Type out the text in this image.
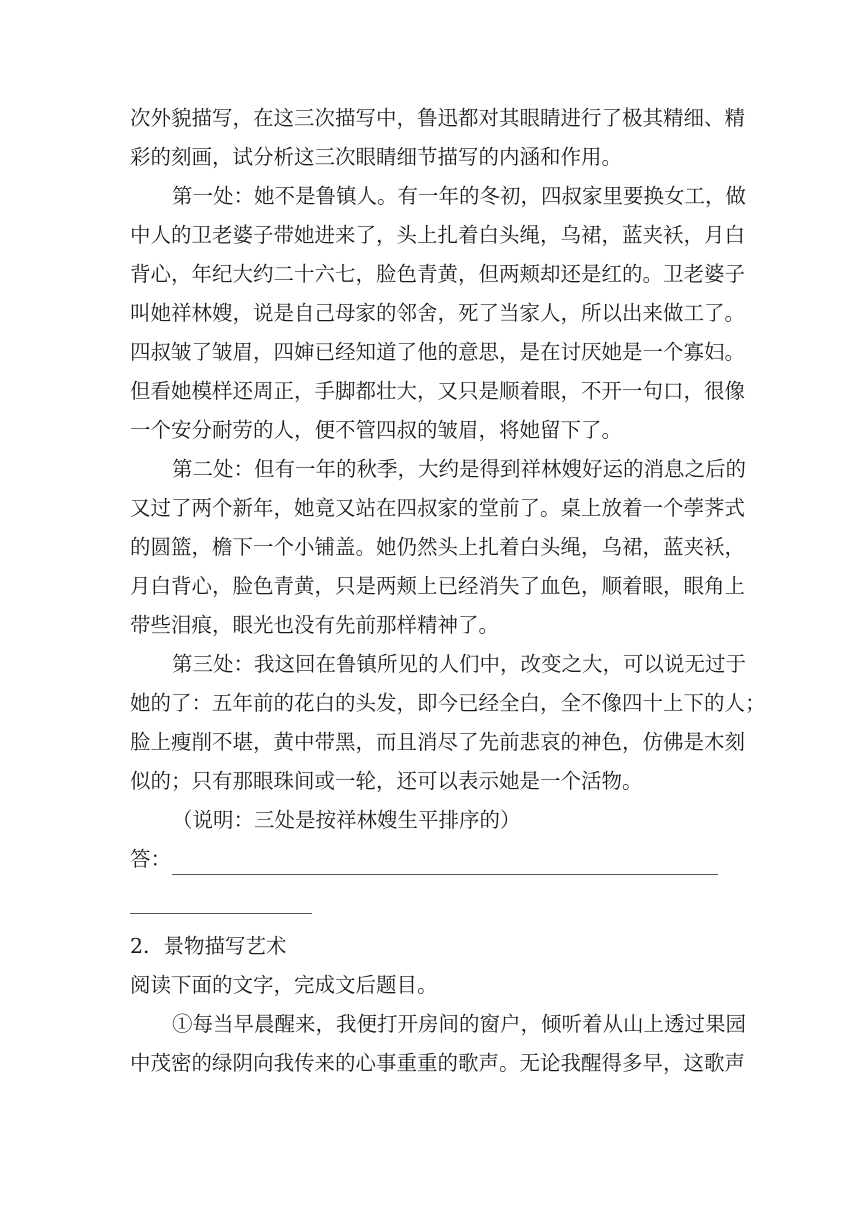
次外貌描写，在这三次描写中，鲁迅都对其眼睛进行了极其精细、精
彩的刻画，试分析这三次眼睛细节描写的内涵和作用。
第一处：她不是鲁镇人。有一年的冬初，四叔家里要换女工，做
中人的卫老婆子带她进来了，头上扎着白头绳，乌裙，蓝夹袄，月白
背心，年纪大约二十六七，脸色青黄，但两颊却还是红的。卫老婆子
叫她祥林嫂，说是自己母家的邻舍，死了当家人，所以出来做工了。
四叔皱了皱眉，四婶已经知道了他的意思，是在讨厌她是一个寡妇。
但看她模样还周正，手脚都壮大，又只是顺着眼，不开一句口，很像
一个安分耐劳的人，便不管四叔的皱眉，将她留下了。
第二处：但有一年的秋季，大约是得到祥林嫂好运的消息之后的
又过了两个新年，她竟又站在四叔家的堂前了。桌上放着一个荸荠式
的圆篮，檐下一个小铺盖。她仍然头上扎着白头绳，乌裙，蓝夹袄，
月白背心，脸色青黄，只是两颊上已经消失了血色，顺着眼，眼角上
带些泪痕，眼光也没有先前那样精神了。
第三处：我这回在鲁镇所见的人们中，改变之大，可以说无过于
她的了：五年前的花白的头发，即今已经全白，全不像四十上下的人；
脸上瘦削不堪，黄中带黑，而且消尽了先前悲哀的神色，仿佛是木刻
似的；只有那眼珠间或一轮，还可以表示她是一个活物。
（说明：三处是按祥林嫂生平排序的）
答：
2．景物描写艺术
阅读下面的文字，完成文后题目。
①每当早晨醒来，我便打开房间的窗户，倾听着从山上透过果园
中茂密的绿阴向我传来的心事重重的歌声。无论我醒得多早，这歌声
